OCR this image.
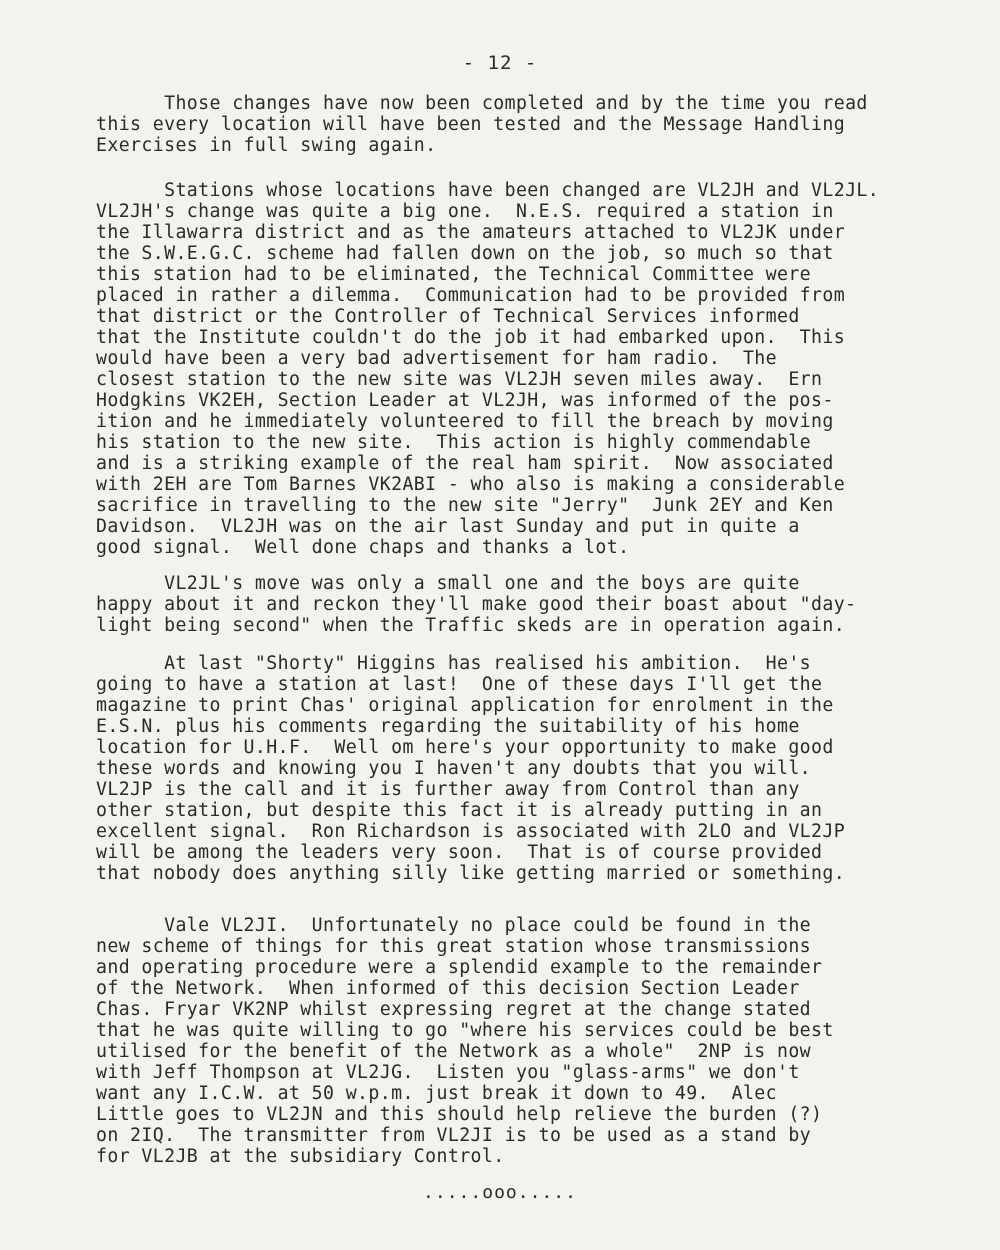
- 12 -
Those changes have now been completed and by the time you read
this every location will have been tested and the Message Handling
Exercises in full swing again.
Stations whose locations have been changed are VL2JH and VL2JL.
VL2JH's change was quite a big one.  N.E.S. required a station in
the Illawarra district and as the amateurs attached to VL2JK under
the S.W.E.G.C. scheme had fallen down on the job, so much so that
this station had to be eliminated, the Technical Committee were
placed in rather a dilemma.  Communication had to be provided from
that district or the Controller of Technical Services informed
that the Institute couldn't do the job it had embarked upon.  This
would have been a very bad advertisement for ham radio.  The
closest station to the new site was VL2JH seven miles away.  Ern
Hodgkins VK2EH, Section Leader at VL2JH, was informed of the pos-
ition and he immediately volunteered to fill the breach by moving
his station to the new site.  This action is highly commendable
and is a striking example of the real ham spirit.  Now associated
with 2EH are Tom Barnes VK2ABI - who also is making a considerable
sacrifice in travelling to the new site "Jerry"  Junk 2EY and Ken
Davidson.  VL2JH was on the air last Sunday and put in quite a
good signal.  Well done chaps and thanks a lot.
VL2JL's move was only a small one and the boys are quite
happy about it and reckon they'll make good their boast about "day-
light being second" when the Traffic skeds are in operation again.
At last "Shorty" Higgins has realised his ambition.  He's
going to have a station at last!  One of these days I'll get the
magazine to print Chas' original application for enrolment in the
E.S.N. plus his comments regarding the suitability of his home
location for U.H.F.  Well om here's your opportunity to make good
these words and knowing you I haven't any doubts that you will.
VL2JP is the call and it is further away from Control than any
other station, but despite this fact it is already putting in an
excellent signal.  Ron Richardson is associated with 2LO and VL2JP
will be among the leaders very soon.  That is of course provided
that nobody does anything silly like getting married or something.
Vale VL2JI.  Unfortunately no place could be found in the
new scheme of things for this great station whose transmissions
and operating procedure were a splendid example to the remainder
of the Network.  When informed of this decision Section Leader
Chas. Fryar VK2NP whilst expressing regret at the change stated
that he was quite willing to go "where his services could be best
utilised for the benefit of the Network as a whole"  2NP is now
with Jeff Thompson at VL2JG.  Listen you "glass-arms" we don't
want any I.C.W. at 50 w.p.m. just break it down to 49.  Alec
Little goes to VL2JN and this should help relieve the burden (?)
on 2IQ.  The transmitter from VL2JI is to be used as a stand by
for VL2JB at the subsidiary Control.
.....ooo.....
